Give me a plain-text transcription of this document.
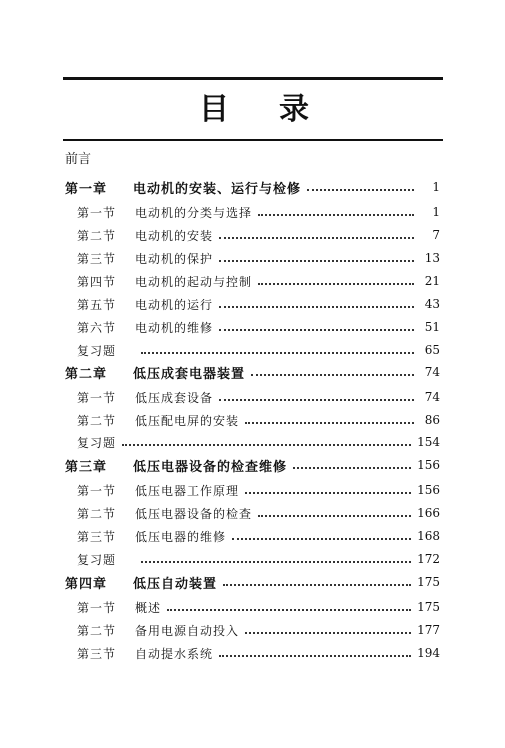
目 录
前言
第一章	电动机的安装、运行与检修	1
第一节	电动机的分类与选择	1
第二节	电动机的安装	7
第三节	电动机的保护	13
第四节	电动机的起动与控制	21
第五节	电动机的运行	43
第六节	电动机的维修	51
复习题	65
第二章	低压成套电器装置	74
第一节	低压成套设备	74
第二节	低压配电屏的安装	86
复习题	154
第三章	低压电器设备的检查维修	156
第一节	低压电器工作原理	156
第二节	低压电器设备的检查	166
第三节	低压电器的维修	168
复习题	172
第四章	低压自动装置	175
第一节	概述	175
第二节	备用电源自动投入	177
第三节	自动提水系统	194
